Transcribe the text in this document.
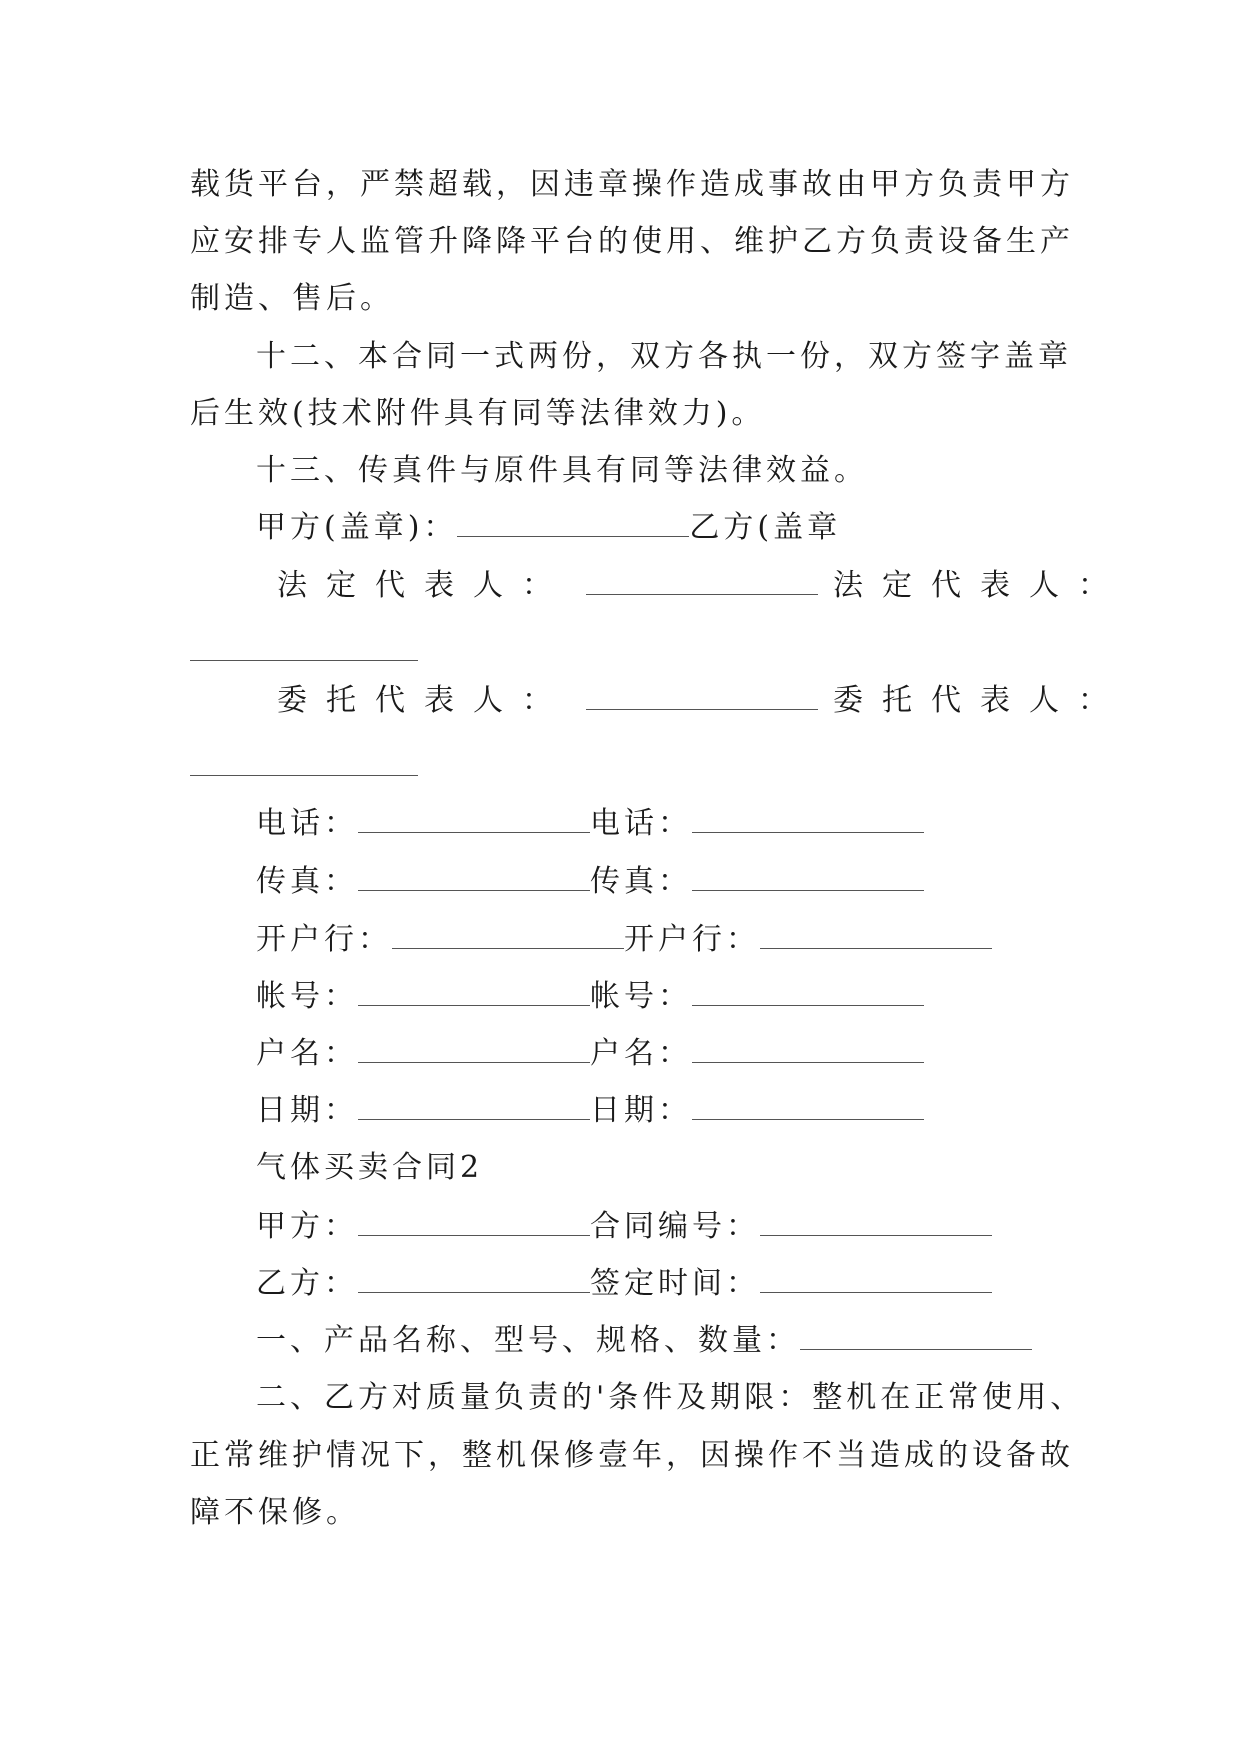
载货平台，严禁超载，因违章操作造成事故由甲方负责甲方
应安排专人监管升降降平台的使用、维护乙方负责设备生产
制造、售后。
十二、本合同一式两份，双方各执一份，双方签字盖章
后生效(技术附件具有同等法律效力)。
十三、传真件与原件具有同等法律效益。
甲方(盖章)：	乙方(盖章
法定代表人：	法定代表人：
委托代表人：	委托代表人：
电话：	电话：
传真：	传真：
开户行：	开户行：
帐号：	帐号：
户名：	户名：
日期：	日期：
气体买卖合同2
甲方：	合同编号：
乙方：	签定时间：
一、产品名称、型号、规格、数量：
二、乙方对质量负责的'条件及期限：整机在正常使用、
正常维护情况下，整机保修壹年，因操作不当造成的设备故
障不保修。
